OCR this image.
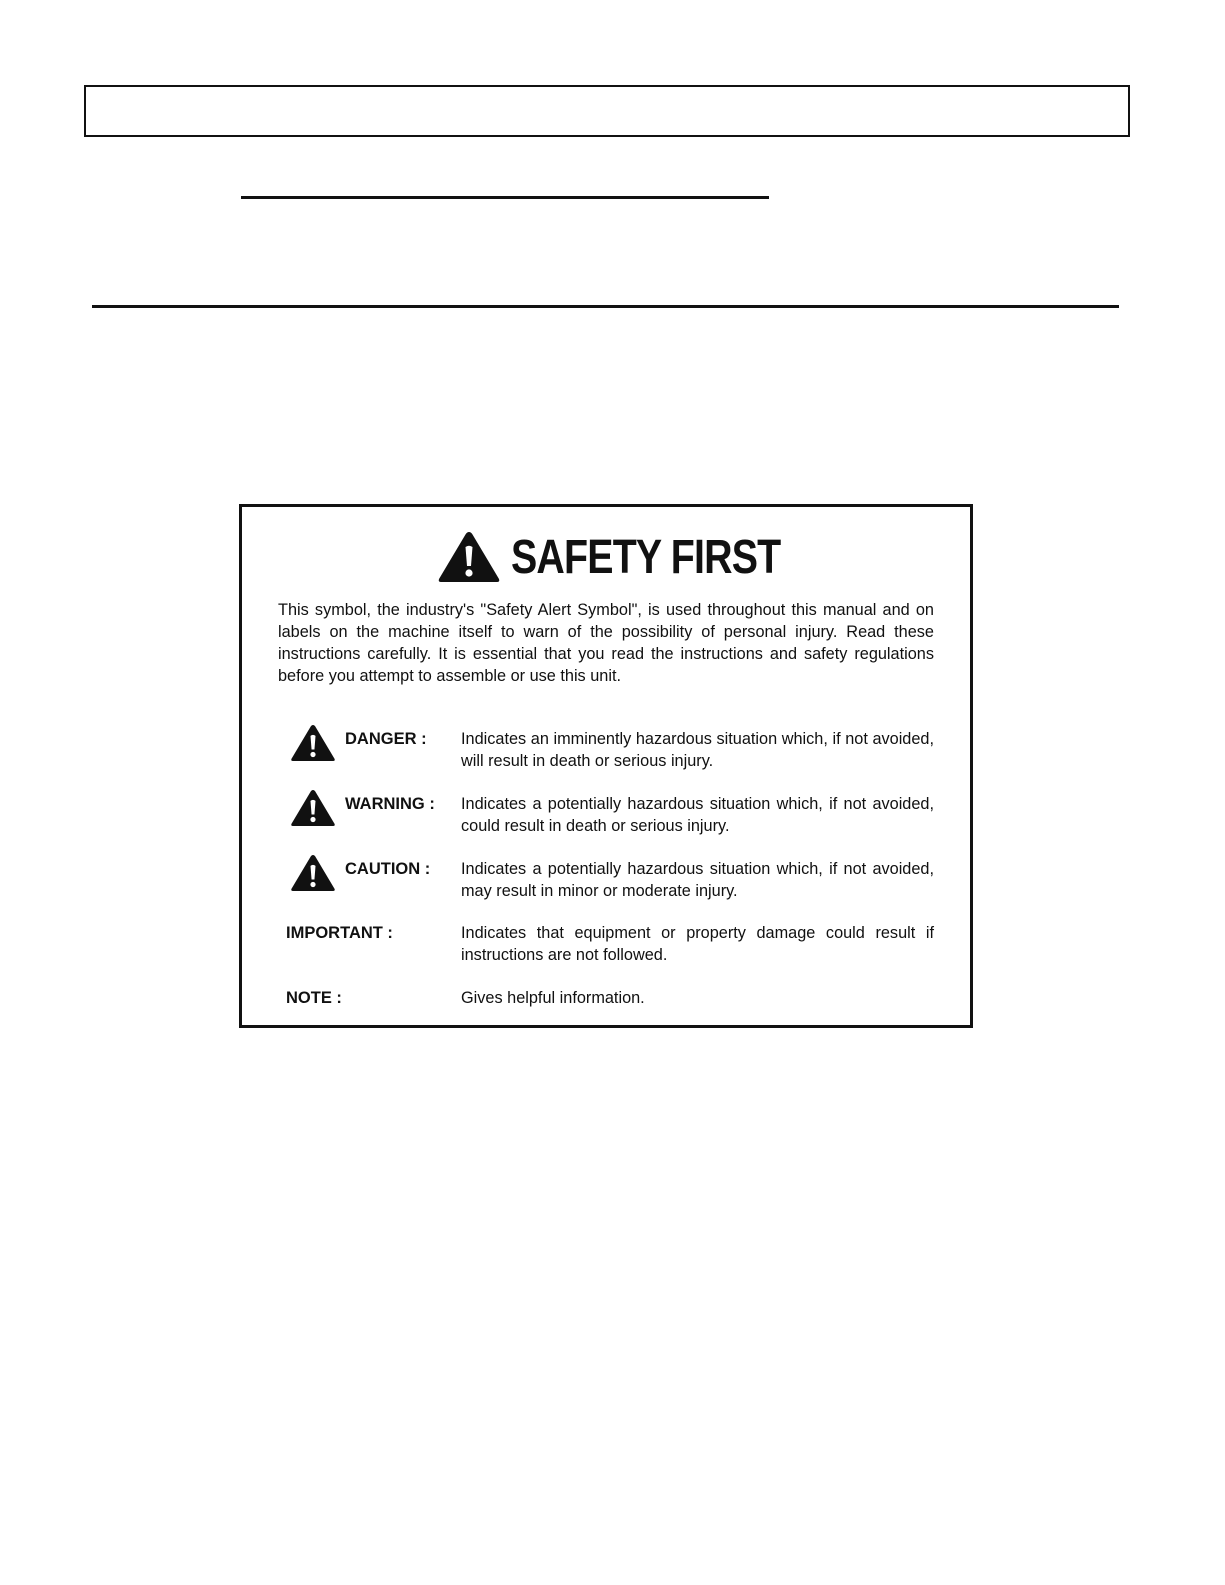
SAFETY FIRST
This symbol, the industry's "Safety Alert Symbol", is used throughout this manual and on labels on the machine itself to warn of the possibility of personal injury. Read these instructions carefully. It is essential that you read the instructions and safety regulations before you attempt to assemble or use this unit.
DANGER : Indicates an imminently hazardous situation which, if not avoided, will result in death or serious injury.
WARNING : Indicates a potentially hazardous situation which, if not avoided, could result in death or serious injury.
CAUTION : Indicates a potentially hazardous situation which, if not avoided, may result in minor or moderate injury.
IMPORTANT :	Indicates that equipment or property damage could result if instructions are not followed.
NOTE :	Gives helpful information.
